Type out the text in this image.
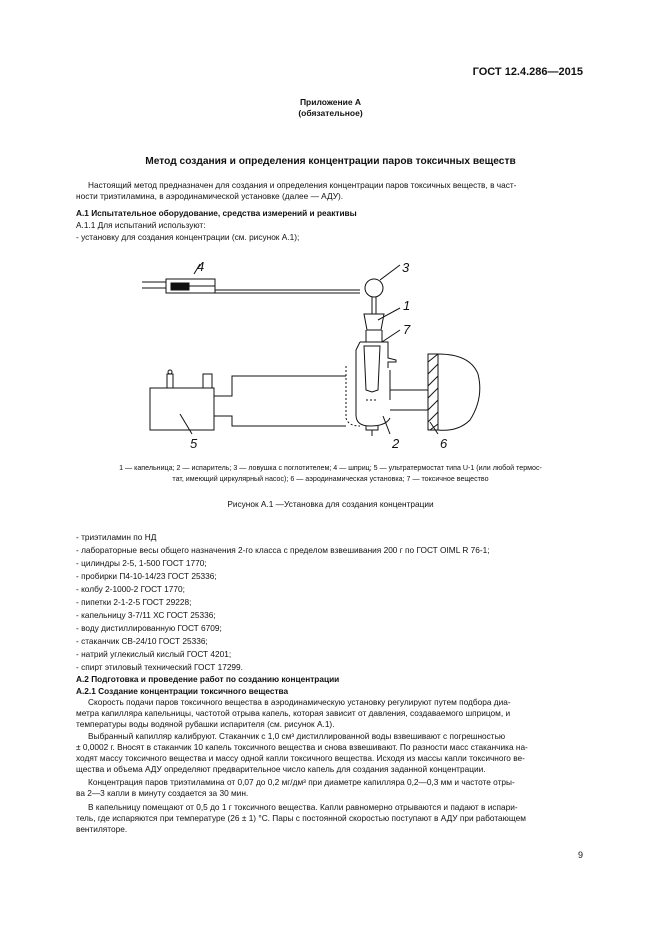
ГОСТ 12.4.286—2015
Приложение А
(обязательное)
Метод создания и определения концентрации паров токсичных веществ
Настоящий метод предназначен для создания и определения концентрации паров токсичных веществ, в част-
ности триэтиламина, в аэродинамической установке (далее — АДУ).
А.1 Испытательное оборудование, средства измерений и реактивы
А.1.1 Для испытаний используют:
- установку для создания концентрации (см. рисунок А.1);
1
2
3
4
5	6
7
1 — капельница; 2 — испаритель; 3 — ловушка с поглотителем; 4 — шприц; 5 — ультратермостат типа U-1 (или любой термос-
тат, имеющий циркулярный насос); 6 — аэродинамическая установка; 7 — токсичное вещество
Рисунок А.1 —Установка для создания концентрации
- триэтиламин по НД
- лабораторные весы общего назначения 2-го класса с пределом взвешивания 200 г по ГОСТ OIML R 76-1;
- цилиндры 2-5, 1-500 ГОСТ 1770;
- пробирки П4-10-14/23 ГОСТ 25336;
- колбу 2-1000-2 ГОСТ 1770;
- пипетки 2-1-2-5 ГОСТ 29228;
- капельницу 3-7/11 ХС ГОСТ 25336;
- воду дистиллированную ГОСТ 6709;
- стаканчик СВ-24/10 ГОСТ 25336;
- натрий углекислый кислый ГОСТ 4201;
- спирт этиловый технический ГОСТ 17299.
А.2 Подготовка и проведение работ по созданию концентрации
А.2.1 Создание концентрации токсичного вещества
Скорость подачи паров токсичного вещества в аэродинамическую установку регулируют путем подбора диа-
метра капилляра капельницы, частотой отрыва капель, которая зависит от давления, создаваемого шприцом, и
температуры воды водяной рубашки испарителя (см. рисунок А.1).
Выбранный капилляр калибруют. Стаканчик с 1,0 см³ дистиллированной воды взвешивают с погрешностью
± 0,0002 г. Вносят в стаканчик 10 капель токсичного вещества и снова взвешивают. По разности масс стаканчика на-
ходят массу токсичного вещества и массу одной капли токсичного вещества. Исходя из массы капли токсичного ве-
щества и объема АДУ определяют предварительное число капель для создания заданной концентрации.
Концентрация паров триэтиламина от 0,07 до 0,2 мг/дм³ при диаметре капилляра 0,2—0,3 мм и частоте отры-
ва 2—3 капли в минуту создается за 30 мин.
В капельницу помещают от 0,5 до 1 г токсичного вещества. Капли равномерно отрываются и падают в испари-
тель, где испаряются при температуре (26 ± 1) °С. Пары с постоянной скоростью поступают в АДУ при работающем
вентиляторе.
9
